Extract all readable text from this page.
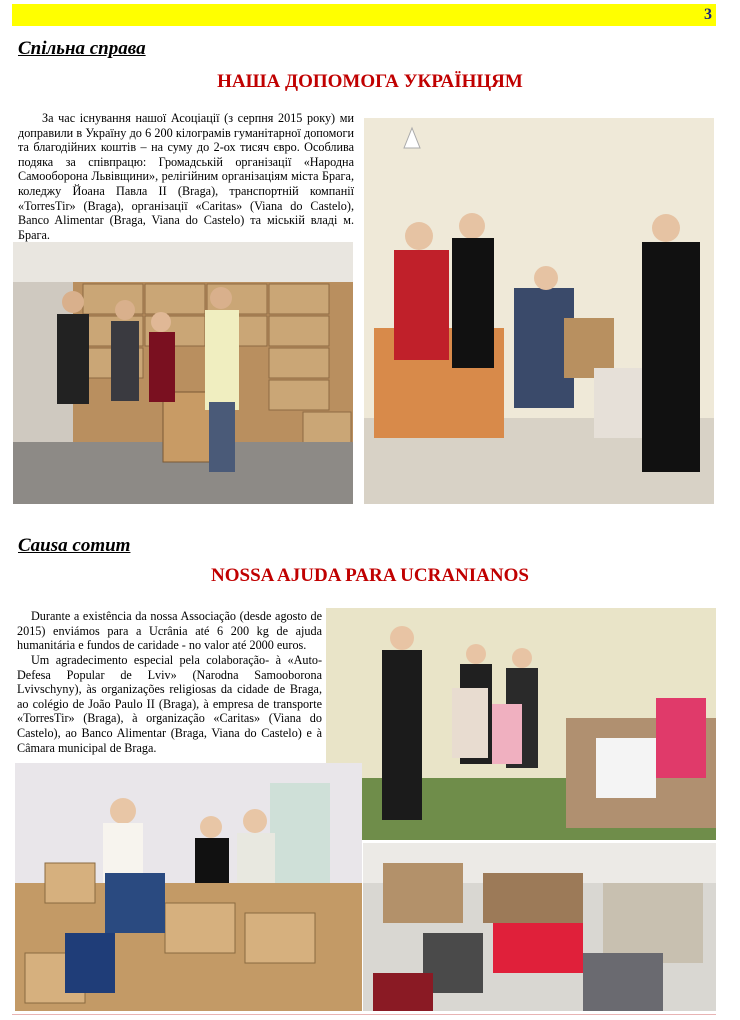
3
Спільна справа
НАША ДОПОМОГА УКРАЇНЦЯМ
За час існування нашої Асоціації (з серпня 2015 року) ми доправили в Україну до 6 200 кілограмів гуманітарної допомоги та благодійних коштів – на суму до 2-ох тисяч євро. Особлива подяка за співпрацю: Громадській організації «Народна Самооборона Львівщини», релігійним організаціям міста Брага, коледжу Йоана Павла ІІ (Braga), транспортній компанії «TorresTir» (Braga), організації «Caritas» (Viana do Castelo), Banco Alimentar (Braga, Viana do Castelo) та міській владі м. Брага.
Causa comum
NOSSA AJUDA PARA UCRANIANOS
Durante a existência da nossa Associação (desde agosto de 2015) enviámos para a Ucrânia até 6 200 kg de ajuda humanitária e fundos de caridade - no valor até 2000 euros.
Um agradecimento especial pela colaboração- à «Auto-Defesa Popular de Lviv» (Narodna Samooborona Lvivschyny), às organizações religiosas da cidade de Braga, ao colégio de João Paulo II (Braga), à empresa de transporte «TorresTir» (Braga), à organização «Caritas» (Viana do Castelo), ao Banco Alimentar (Braga, Viana do Castelo) e à Câmara municipal de Braga.
